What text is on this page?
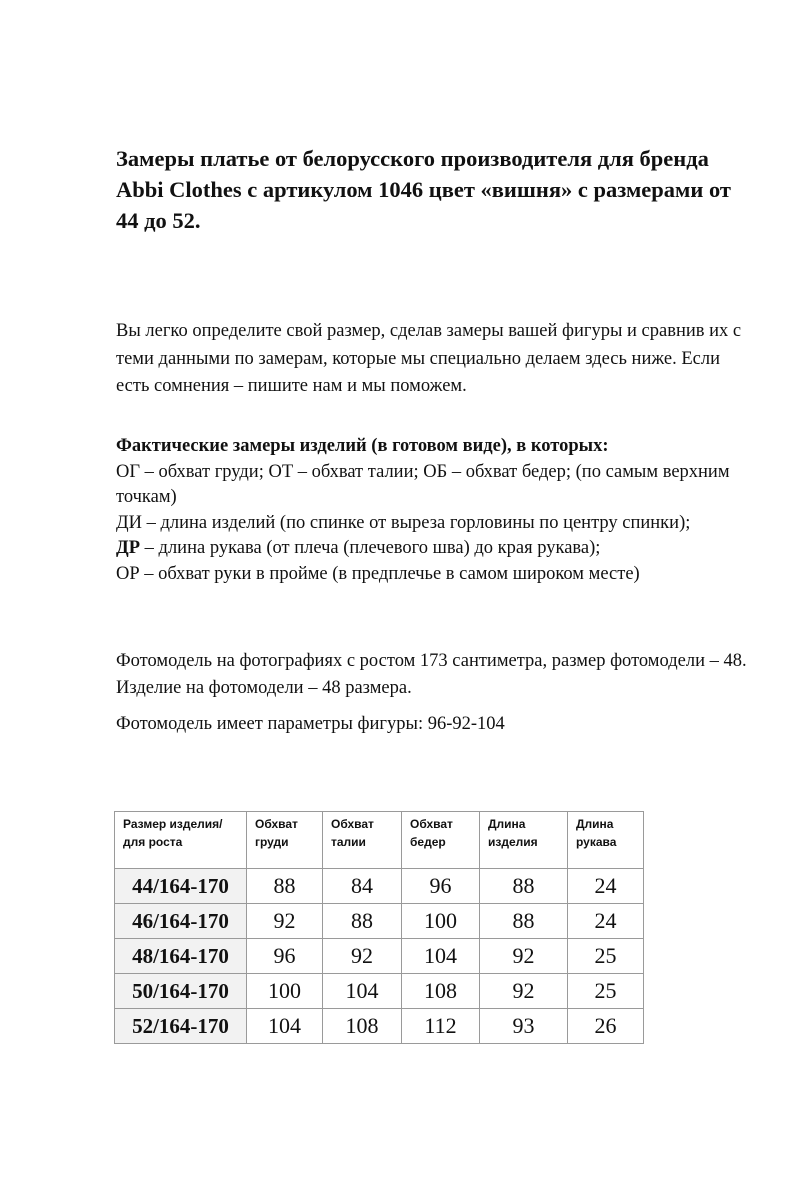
Замеры платье от белорусского производителя для бренда Abbi Clothes с артикулом 1046 цвет «вишня» с размерами от 44 до 52.

Вы легко определите свой размер, сделав замеры вашей фигуры и сравнив их с теми данными по замерам, которые мы специально делаем здесь ниже. Если есть сомнения – пишите нам и мы поможем.

Фактические замеры изделий (в готовом виде), в которых:
ОГ – обхват груди; ОТ – обхват талии; ОБ – обхват бедер; (по самым верхним точкам)
ДИ – длина изделий (по спинке от выреза горловины по центру спинки);
ДР – длина рукава (от плеча (плечевого шва) до края рукава);
ОР – обхват руки в пройме (в предплечье в самом широком месте)

Фотомодель на фотографиях с ростом 173 сантиметра, размер фотомодели – 48. Изделие на фотомодели – 48 размера.

Фотомодель имеет параметры фигуры: 96-92-104

Размер изделия/для роста	Обхват груди	Обхват талии	Обхват бедер	Длина изделия	Длина рукава
44/164-170	88	84	96	88	24
46/164-170	92	88	100	88	24
48/164-170	96	92	104	92	25
50/164-170	100	104	108	92	25
52/164-170	104	108	112	93	26
